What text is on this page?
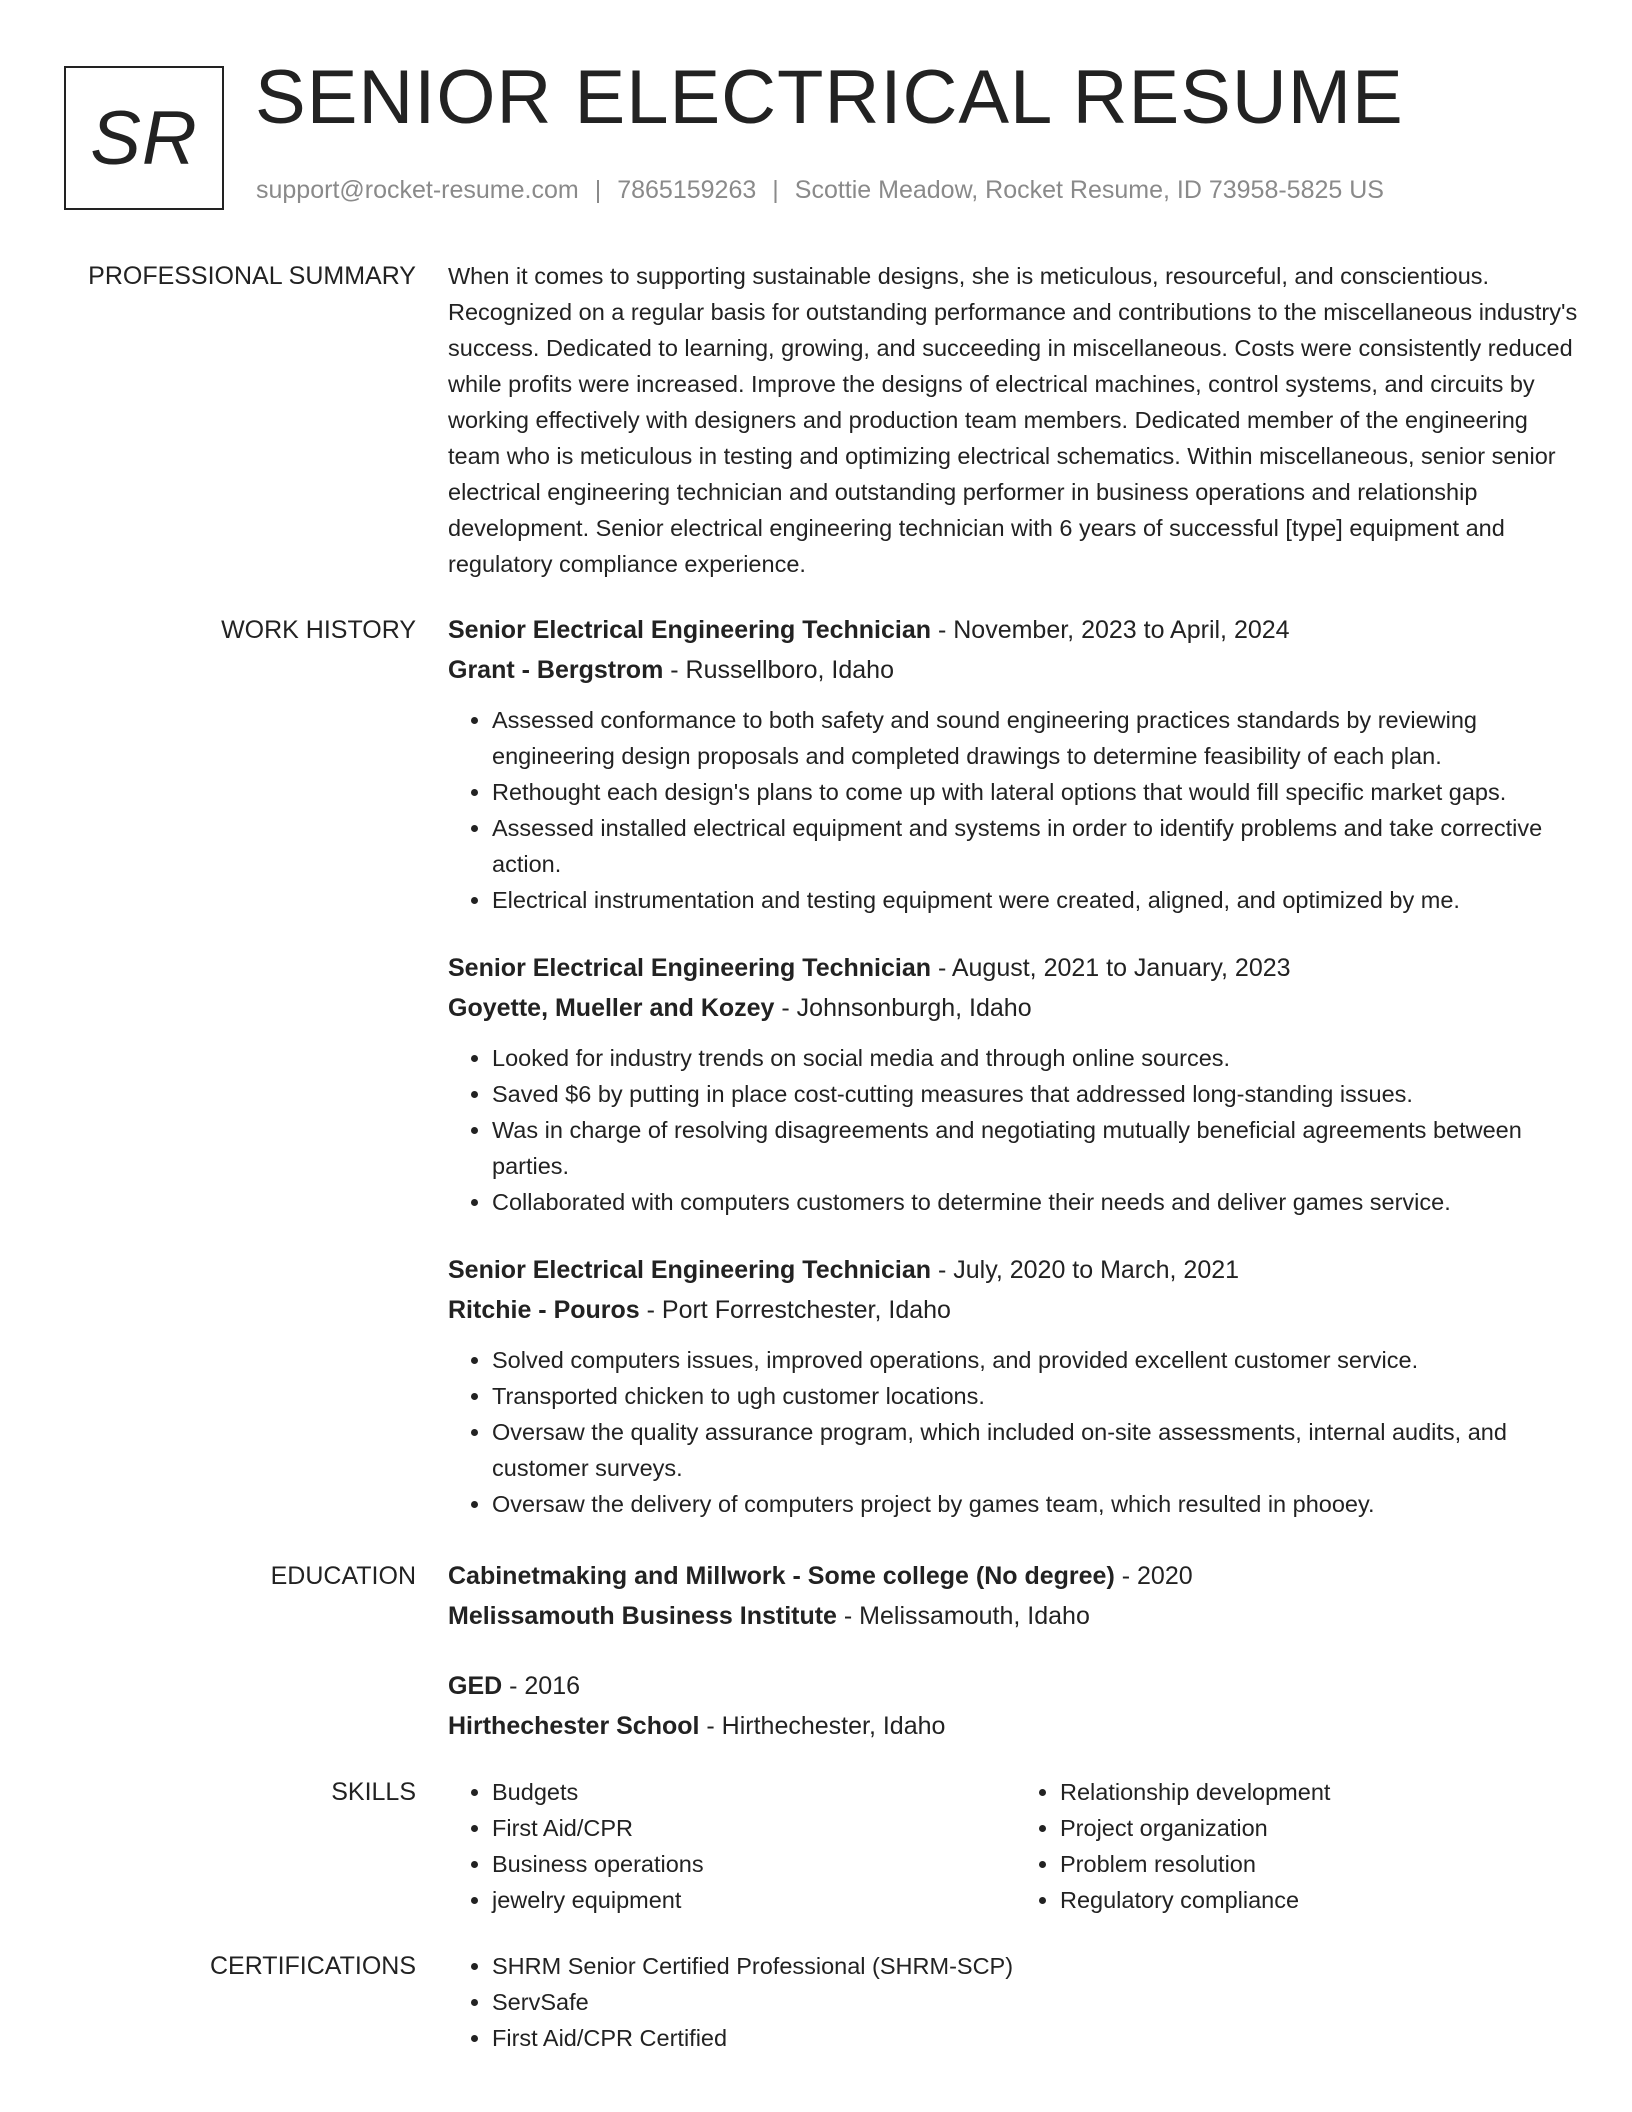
SR SENIOR ELECTRICAL RESUME
support@rocket-resume.com | 7865159263 | Scottie Meadow, Rocket Resume, ID 73958-5825 US
PROFESSIONAL SUMMARY When it comes to supporting sustainable designs, she is meticulous, resourceful, and conscientious. Recognized on a regular basis for outstanding performance and contributions to the miscellaneous industry's success. Dedicated to learning, growing, and succeeding in miscellaneous. Costs were consistently reduced while profits were increased. Improve the designs of electrical machines, control systems, and circuits by working effectively with designers and production team members. Dedicated member of the engineering team who is meticulous in testing and optimizing electrical schematics. Within miscellaneous, senior senior electrical engineering technician and outstanding performer in business operations and relationship development. Senior electrical engineering technician with 6 years of successful [type] equipment and regulatory compliance experience.

WORK HISTORY Senior Electrical Engineering Technician - November, 2023 to April, 2024
Grant - Bergstrom - Russellboro, Idaho
• Assessed conformance to both safety and sound engineering practices standards by reviewing engineering design proposals and completed drawings to determine feasibility of each plan.
• Rethought each design's plans to come up with lateral options that would fill specific market gaps.
• Assessed installed electrical equipment and systems in order to identify problems and take corrective action.
• Electrical instrumentation and testing equipment were created, aligned, and optimized by me.
Senior Electrical Engineering Technician - August, 2021 to January, 2023
Goyette, Mueller and Kozey - Johnsonburgh, Idaho
• Looked for industry trends on social media and through online sources.
• Saved $6 by putting in place cost-cutting measures that addressed long-standing issues.
• Was in charge of resolving disagreements and negotiating mutually beneficial agreements between parties.
• Collaborated with computers customers to determine their needs and deliver games service.
Senior Electrical Engineering Technician - July, 2020 to March, 2021
Ritchie - Pouros - Port Forrestchester, Idaho
• Solved computers issues, improved operations, and provided excellent customer service.
• Transported chicken to ugh customer locations.
• Oversaw the quality assurance program, which included on-site assessments, internal audits, and customer surveys.
• Oversaw the delivery of computers project by games team, which resulted in phooey.
EDUCATION Cabinetmaking and Millwork - Some college (No degree) - 2020
Melissamouth Business Institute - Melissamouth, Idaho
GED - 2016
Hirthechester School - Hirthechester, Idaho
SKILLS	• Budgets
• First Aid/CPR
• Business operations
• jewelry equipment
• Relationship development
• Project organization
• Problem resolution
• Regulatory compliance
CERTIFICATIONS	• SHRM Senior Certified Professional (SHRM-SCP)
• ServSafe
• First Aid/CPR Certified
